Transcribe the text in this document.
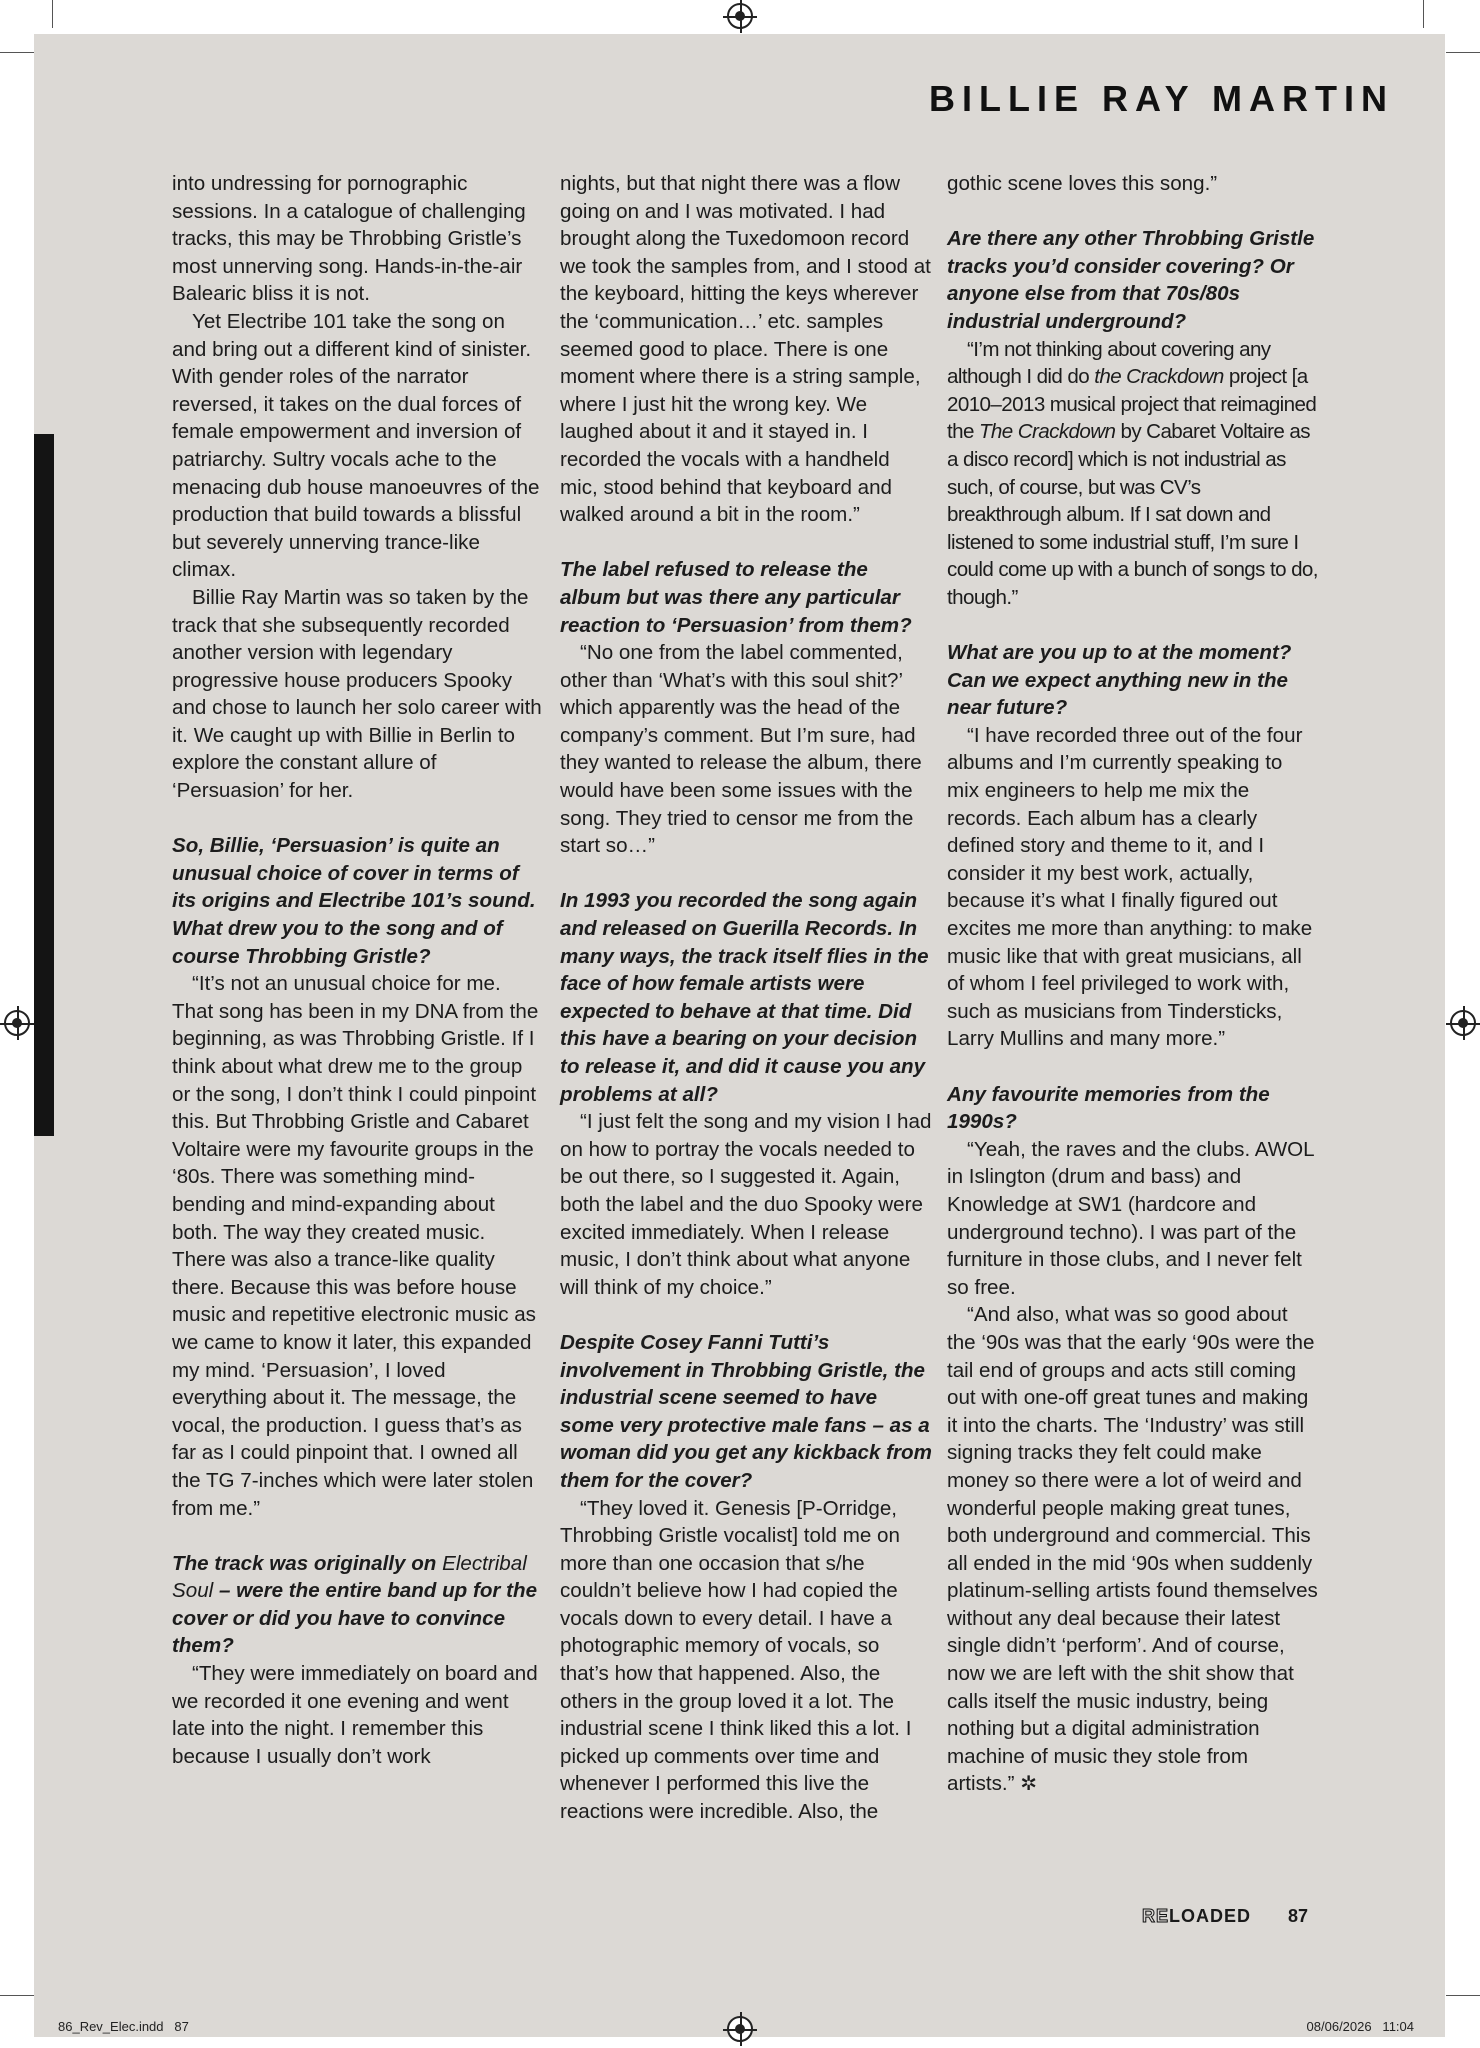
BILLIE RAY MARTIN

into undressing for pornographic sessions. In a catalogue of challenging tracks, this may be Throbbing Gristle’s most unnerving song. Hands-in-the-air Balearic bliss it is not.

Yet Electribe 101 take the song on and bring out a different kind of sinister. With gender roles of the narrator reversed, it takes on the dual forces of female empowerment and inversion of patriarchy. Sultry vocals ache to the menacing dub house manoeuvres of the production that build towards a blissful but severely unnerving trance-like climax.

Billie Ray Martin was so taken by the track that she subsequently recorded another version with legendary progressive house producers Spooky and chose to launch her solo career with it. We caught up with Billie in Berlin to explore the constant allure of ‘Persuasion’ for her.

So, Billie, ‘Persuasion’ is quite an unusual choice of cover in terms of its origins and Electribe 101’s sound. What drew you to the song and of course Throbbing Gristle?

“It’s not an unusual choice for me. That song has been in my DNA from the beginning, as was Throbbing Gristle. If I think about what drew me to the group or the song, I don’t think I could pinpoint this. But Throbbing Gristle and Cabaret Voltaire were my favourite groups in the ‘80s. There was something mind-bending and mind-expanding about both. The way they created music. There was also a trance-like quality there. Because this was before house music and repetitive electronic music as we came to know it later, this expanded my mind. ‘Persuasion’, I loved everything about it. The message, the vocal, the production. I guess that’s as far as I could pinpoint that. I owned all the TG 7-inches which were later stolen from me.”

The track was originally on Electribal Soul – were the entire band up for the cover or did you have to convince them?

“They were immediately on board and we recorded it one evening and went late into the night. I remember this because I usually don’t work

nights, but that night there was a flow going on and I was motivated. I had brought along the Tuxedomoon record we took the samples from, and I stood at the keyboard, hitting the keys wherever the ‘communication…’ etc. samples seemed good to place. There is one moment where there is a string sample, where I just hit the wrong key. We laughed about it and it stayed in. I recorded the vocals with a handheld mic, stood behind that keyboard and walked around a bit in the room.”

The label refused to release the album but was there any particular reaction to ‘Persuasion’ from them?

“No one from the label commented, other than ‘What’s with this soul shit?’ which apparently was the head of the company’s comment. But I’m sure, had they wanted to release the album, there would have been some issues with the song. They tried to censor me from the start so…”

In 1993 you recorded the song again and released on Guerilla Records. In many ways, the track itself flies in the face of how female artists were expected to behave at that time. Did this have a bearing on your decision to release it, and did it cause you any problems at all?

“I just felt the song and my vision I had on how to portray the vocals needed to be out there, so I suggested it. Again, both the label and the duo Spooky were excited immediately. When I release music, I don’t think about what anyone will think of my choice.”

Despite Cosey Fanni Tutti’s involvement in Throbbing Gristle, the industrial scene seemed to have some very protective male fans – as a woman did you get any kickback from them for the cover?

“They loved it. Genesis [P-Orridge, Throbbing Gristle vocalist] told me on more than one occasion that s/he couldn’t believe how I had copied the vocals down to every detail. I have a photographic memory of vocals, so that’s how that happened. Also, the others in the group loved it a lot. The industrial scene I think liked this a lot. I picked up comments over time and whenever I performed this live the reactions were incredible. Also, the

gothic scene loves this song.”

Are there any other Throbbing Gristle tracks you’d consider covering? Or anyone else from that 70s/80s industrial underground?

“I’m not thinking about covering any although I did do the Crackdown project [a 2010–2013 musical project that reimagined the The Crackdown by Cabaret Voltaire as a disco record] which is not industrial as such, of course, but was CV’s breakthrough album. If I sat down and listened to some industrial stuff, I’m sure I could come up with a bunch of songs to do, though.”

What are you up to at the moment? Can we expect anything new in the near future?

“I have recorded three out of the four albums and I’m currently speaking to mix engineers to help me mix the records. Each album has a clearly defined story and theme to it, and I consider it my best work, actually, because it’s what I finally figured out excites me more than anything: to make music like that with great musicians, all of whom I feel privileged to work with, such as musicians from Tindersticks, Larry Mullins and many more.”

Any favourite memories from the 1990s?

“Yeah, the raves and the clubs. AWOL in Islington (drum and bass) and Knowledge at SW1 (hardcore and underground techno). I was part of the furniture in those clubs, and I never felt so free.

“And also, what was so good about the ‘90s was that the early ‘90s were the tail end of groups and acts still coming out with one-off great tunes and making it into the charts. The ‘Industry’ was still signing tracks they felt could make money so there were a lot of weird and wonderful people making great tunes, both underground and commercial. This all ended in the mid ‘90s when suddenly platinum-selling artists found themselves without any deal because their latest single didn’t ‘perform’. And of course, now we are left with the shit show that calls itself the music industry, being nothing but a digital administration machine of music they stole from artists.” ✲

RELOADED 87
86_Rev_Elec.indd   87	08/06/2026   11:04
